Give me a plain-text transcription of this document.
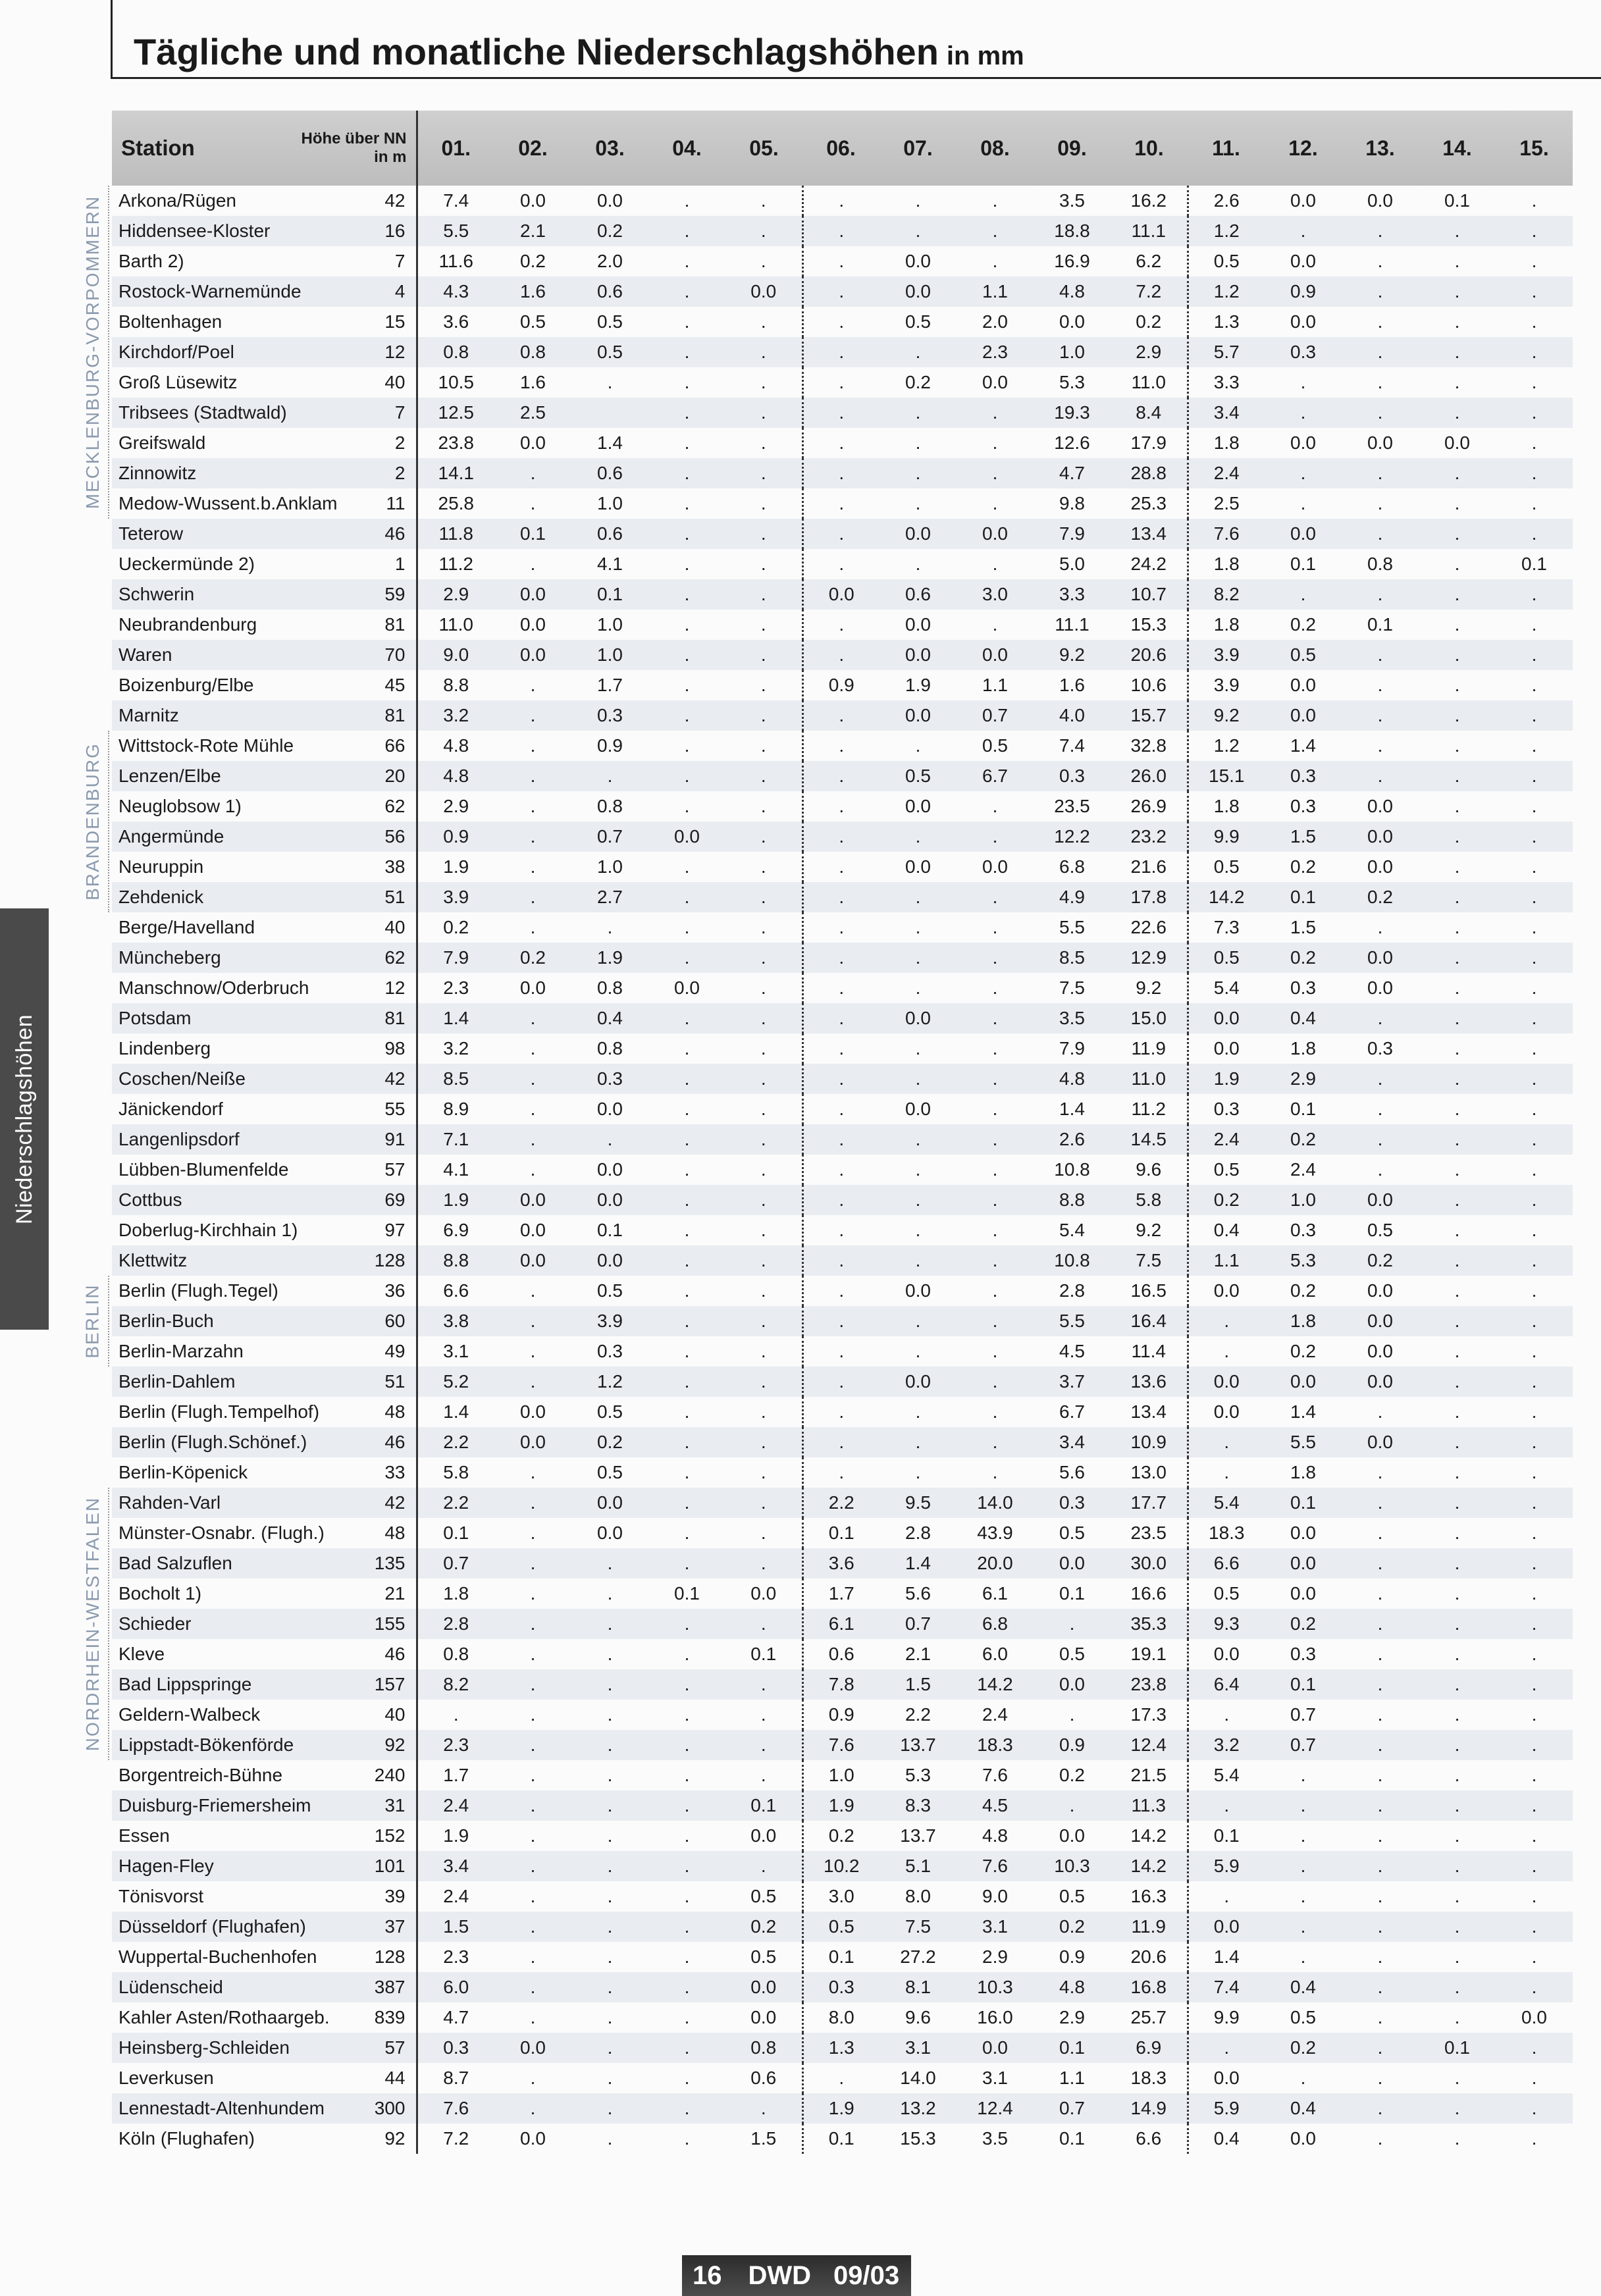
Niederschlagshöhen
Tägliche und monatliche Niederschlagshöhen in mm
MECKLENBURG-VORPOMMERN
BRANDENBURG
BERLIN
NORDRHEIN-WESTFALEN
Station	Höhe über NN
in m	01.	02.	03.	04.	05.	06.	07.	08.	09.	10.	11.	12.	13.	14.	15.
Arkona/Rügen	42	7.4	0.0	0.0	.	.	.	.	.	3.5	16.2	2.6	0.0	0.0	0.1	.
Hiddensee-Kloster	16	5.5	2.1	0.2	.	.	.	.	.	18.8	11.1	1.2	.	.	.	.
Barth 2)	7	11.6	0.2	2.0	.	.	.	0.0	.	16.9	6.2	0.5	0.0	.	.	.
Rostock-Warnemünde	4	4.3	1.6	0.6	.	0.0	.	0.0	1.1	4.8	7.2	1.2	0.9	.	.	.
Boltenhagen	15	3.6	0.5	0.5	.	.	.	0.5	2.0	0.0	0.2	1.3	0.0	.	.	.
Kirchdorf/Poel	12	0.8	0.8	0.5	.	.	.	.	2.3	1.0	2.9	5.7	0.3	.	.	.
Groß Lüsewitz	40	10.5	1.6	.	.	.	.	0.2	0.0	5.3	11.0	3.3	.	.	.	.
Tribsees (Stadtwald)	7	12.5	2.5		.	.	.	.	.	19.3	8.4	3.4	.	.	.	.
Greifswald	2	23.8	0.0	1.4	.	.	.	.	.	12.6	17.9	1.8	0.0	0.0	0.0	.
Zinnowitz	2	14.1	.	0.6	.	.	.	.	.	4.7	28.8	2.4	.	.	.	.
Medow-Wussent.b.Anklam	11	25.8	.	1.0	.	.	.	.	.	9.8	25.3	2.5	.	.	.	.
Teterow	46	11.8	0.1	0.6	.	.	.	0.0	0.0	7.9	13.4	7.6	0.0	.	.	.
Ueckermünde 2)	1	11.2	.	4.1	.	.	.	.	.	5.0	24.2	1.8	0.1	0.8	.	0.1
Schwerin	59	2.9	0.0	0.1	.	.	0.0	0.6	3.0	3.3	10.7	8.2	.	.	.	.
Neubrandenburg	81	11.0	0.0	1.0	.	.	.	0.0	.	11.1	15.3	1.8	0.2	0.1	.	.
Waren	70	9.0	0.0	1.0	.	.	.	0.0	0.0	9.2	20.6	3.9	0.5	.	.	.
Boizenburg/Elbe	45	8.8	.	1.7	.	.	0.9	1.9	1.1	1.6	10.6	3.9	0.0	.	.	.
Marnitz	81	3.2	.	0.3	.	.	.	0.0	0.7	4.0	15.7	9.2	0.0	.	.	.
Wittstock-Rote Mühle	66	4.8	.	0.9	.	.	.	.	0.5	7.4	32.8	1.2	1.4	.	.	.
Lenzen/Elbe	20	4.8	.	.	.	.	.	0.5	6.7	0.3	26.0	15.1	0.3	.	.	.
Neuglobsow 1)	62	2.9	.	0.8	.	.	.	0.0	.	23.5	26.9	1.8	0.3	0.0	.	.
Angermünde	56	0.9	.	0.7	0.0	.	.	.	.	12.2	23.2	9.9	1.5	0.0	.	.
Neuruppin	38	1.9	.	1.0	.	.	.	0.0	0.0	6.8	21.6	0.5	0.2	0.0	.	.
Zehdenick	51	3.9	.	2.7	.	.	.	.	.	4.9	17.8	14.2	0.1	0.2	.	.
Berge/Havelland	40	0.2	.	.	.	.	.	.	.	5.5	22.6	7.3	1.5	.	.	.
Müncheberg	62	7.9	0.2	1.9	.	.	.	.	.	8.5	12.9	0.5	0.2	0.0	.	.
Manschnow/Oderbruch	12	2.3	0.0	0.8	0.0	.	.	.	.	7.5	9.2	5.4	0.3	0.0	.	.
Potsdam	81	1.4	.	0.4	.	.	.	0.0	.	3.5	15.0	0.0	0.4	.	.	.
Lindenberg	98	3.2	.	0.8	.	.	.	.	.	7.9	11.9	0.0	1.8	0.3	.	.
Coschen/Neiße	42	8.5	.	0.3	.	.	.	.	.	4.8	11.0	1.9	2.9	.	.	.
Jänickendorf	55	8.9	.	0.0	.	.	.	0.0	.	1.4	11.2	0.3	0.1	.	.	.
Langenlipsdorf	91	7.1	.	.	.	.	.	.	.	2.6	14.5	2.4	0.2	.	.	.
Lübben-Blumenfelde	57	4.1	.	0.0	.	.	.	.	.	10.8	9.6	0.5	2.4	.	.	.
Cottbus	69	1.9	0.0	0.0	.	.	.	.	.	8.8	5.8	0.2	1.0	0.0	.	.
Doberlug-Kirchhain 1)	97	6.9	0.0	0.1	.	.	.	.	.	5.4	9.2	0.4	0.3	0.5	.	.
Klettwitz	128	8.8	0.0	0.0	.	.	.	.	.	10.8	7.5	1.1	5.3	0.2	.	.
Berlin (Flugh.Tegel)	36	6.6	.	0.5	.	.	.	0.0	.	2.8	16.5	0.0	0.2	0.0	.	.
Berlin-Buch	60	3.8	.	3.9	.	.	.	.	.	5.5	16.4	.	1.8	0.0	.	.
Berlin-Marzahn	49	3.1	.	0.3	.	.	.	.	.	4.5	11.4	.	0.2	0.0	.	.
Berlin-Dahlem	51	5.2	.	1.2	.	.	.	0.0	.	3.7	13.6	0.0	0.0	0.0	.	.
Berlin (Flugh.Tempelhof)	48	1.4	0.0	0.5	.	.	.	.	.	6.7	13.4	0.0	1.4	.	.	.
Berlin (Flugh.Schönef.)	46	2.2	0.0	0.2	.	.	.	.	.	3.4	10.9	.	5.5	0.0	.	.
Berlin-Köpenick	33	5.8	.	0.5	.	.	.	.	.	5.6	13.0	.	1.8	.	.	.
Rahden-Varl	42	2.2	.	0.0	.	.	2.2	9.5	14.0	0.3	17.7	5.4	0.1	.	.	.
Münster-Osnabr. (Flugh.)	48	0.1	.	0.0	.	.	0.1	2.8	43.9	0.5	23.5	18.3	0.0	.	.	.
Bad Salzuflen	135	0.7	.	.	.	.	3.6	1.4	20.0	0.0	30.0	6.6	0.0	.	.	.
Bocholt 1)	21	1.8	.	.	0.1	0.0	1.7	5.6	6.1	0.1	16.6	0.5	0.0	.	.	.
Schieder	155	2.8	.	.	.	.	6.1	0.7	6.8	.	35.3	9.3	0.2	.	.	.
Kleve	46	0.8	.	.	.	0.1	0.6	2.1	6.0	0.5	19.1	0.0	0.3	.	.	.
Bad Lippspringe	157	8.2	.	.	.	.	7.8	1.5	14.2	0.0	23.8	6.4	0.1	.	.	.
Geldern-Walbeck	40	.	.	.	.	.	0.9	2.2	2.4	.	17.3	.	0.7	.	.	.
Lippstadt-Bökenförde	92	2.3	.	.	.	.	7.6	13.7	18.3	0.9	12.4	3.2	0.7	.	.	.
Borgentreich-Bühne	240	1.7	.	.	.	.	1.0	5.3	7.6	0.2	21.5	5.4	.	.	.	.
Duisburg-Friemersheim	31	2.4	.	.	.	0.1	1.9	8.3	4.5	.	11.3	.	.	.	.	.
Essen	152	1.9	.	.	.	0.0	0.2	13.7	4.8	0.0	14.2	0.1	.	.	.	.
Hagen-Fley	101	3.4	.	.	.	.	10.2	5.1	7.6	10.3	14.2	5.9	.	.	.	.
Tönisvorst	39	2.4	.	.	.	0.5	3.0	8.0	9.0	0.5	16.3	.	.	.	.	.
Düsseldorf (Flughafen)	37	1.5	.	.	.	0.2	0.5	7.5	3.1	0.2	11.9	0.0	.	.	.	.
Wuppertal-Buchenhofen	128	2.3	.	.	.	0.5	0.1	27.2	2.9	0.9	20.6	1.4	.	.	.	.
Lüdenscheid	387	6.0	.	.	.	0.0	0.3	8.1	10.3	4.8	16.8	7.4	0.4	.	.	.
Kahler Asten/Rothaargeb.	839	4.7	.	.	.	0.0	8.0	9.6	16.0	2.9	25.7	9.9	0.5	.	.	0.0
Heinsberg-Schleiden	57	0.3	0.0	.	.	0.8	1.3	3.1	0.0	0.1	6.9	.	0.2	.	0.1	.
Leverkusen	44	8.7	.	.	.	0.6	.	14.0	3.1	1.1	18.3	0.0	.	.	.	.
Lennestadt-Altenhundem	300	7.6	.	.	.	.	1.9	13.2	12.4	0.7	14.9	5.9	0.4	.	.	.
Köln (Flughafen)	92	7.2	0.0	.	.	1.5	0.1	15.3	3.5	0.1	6.6	0.4	0.0	.	.	.
16 DWD 09/03
